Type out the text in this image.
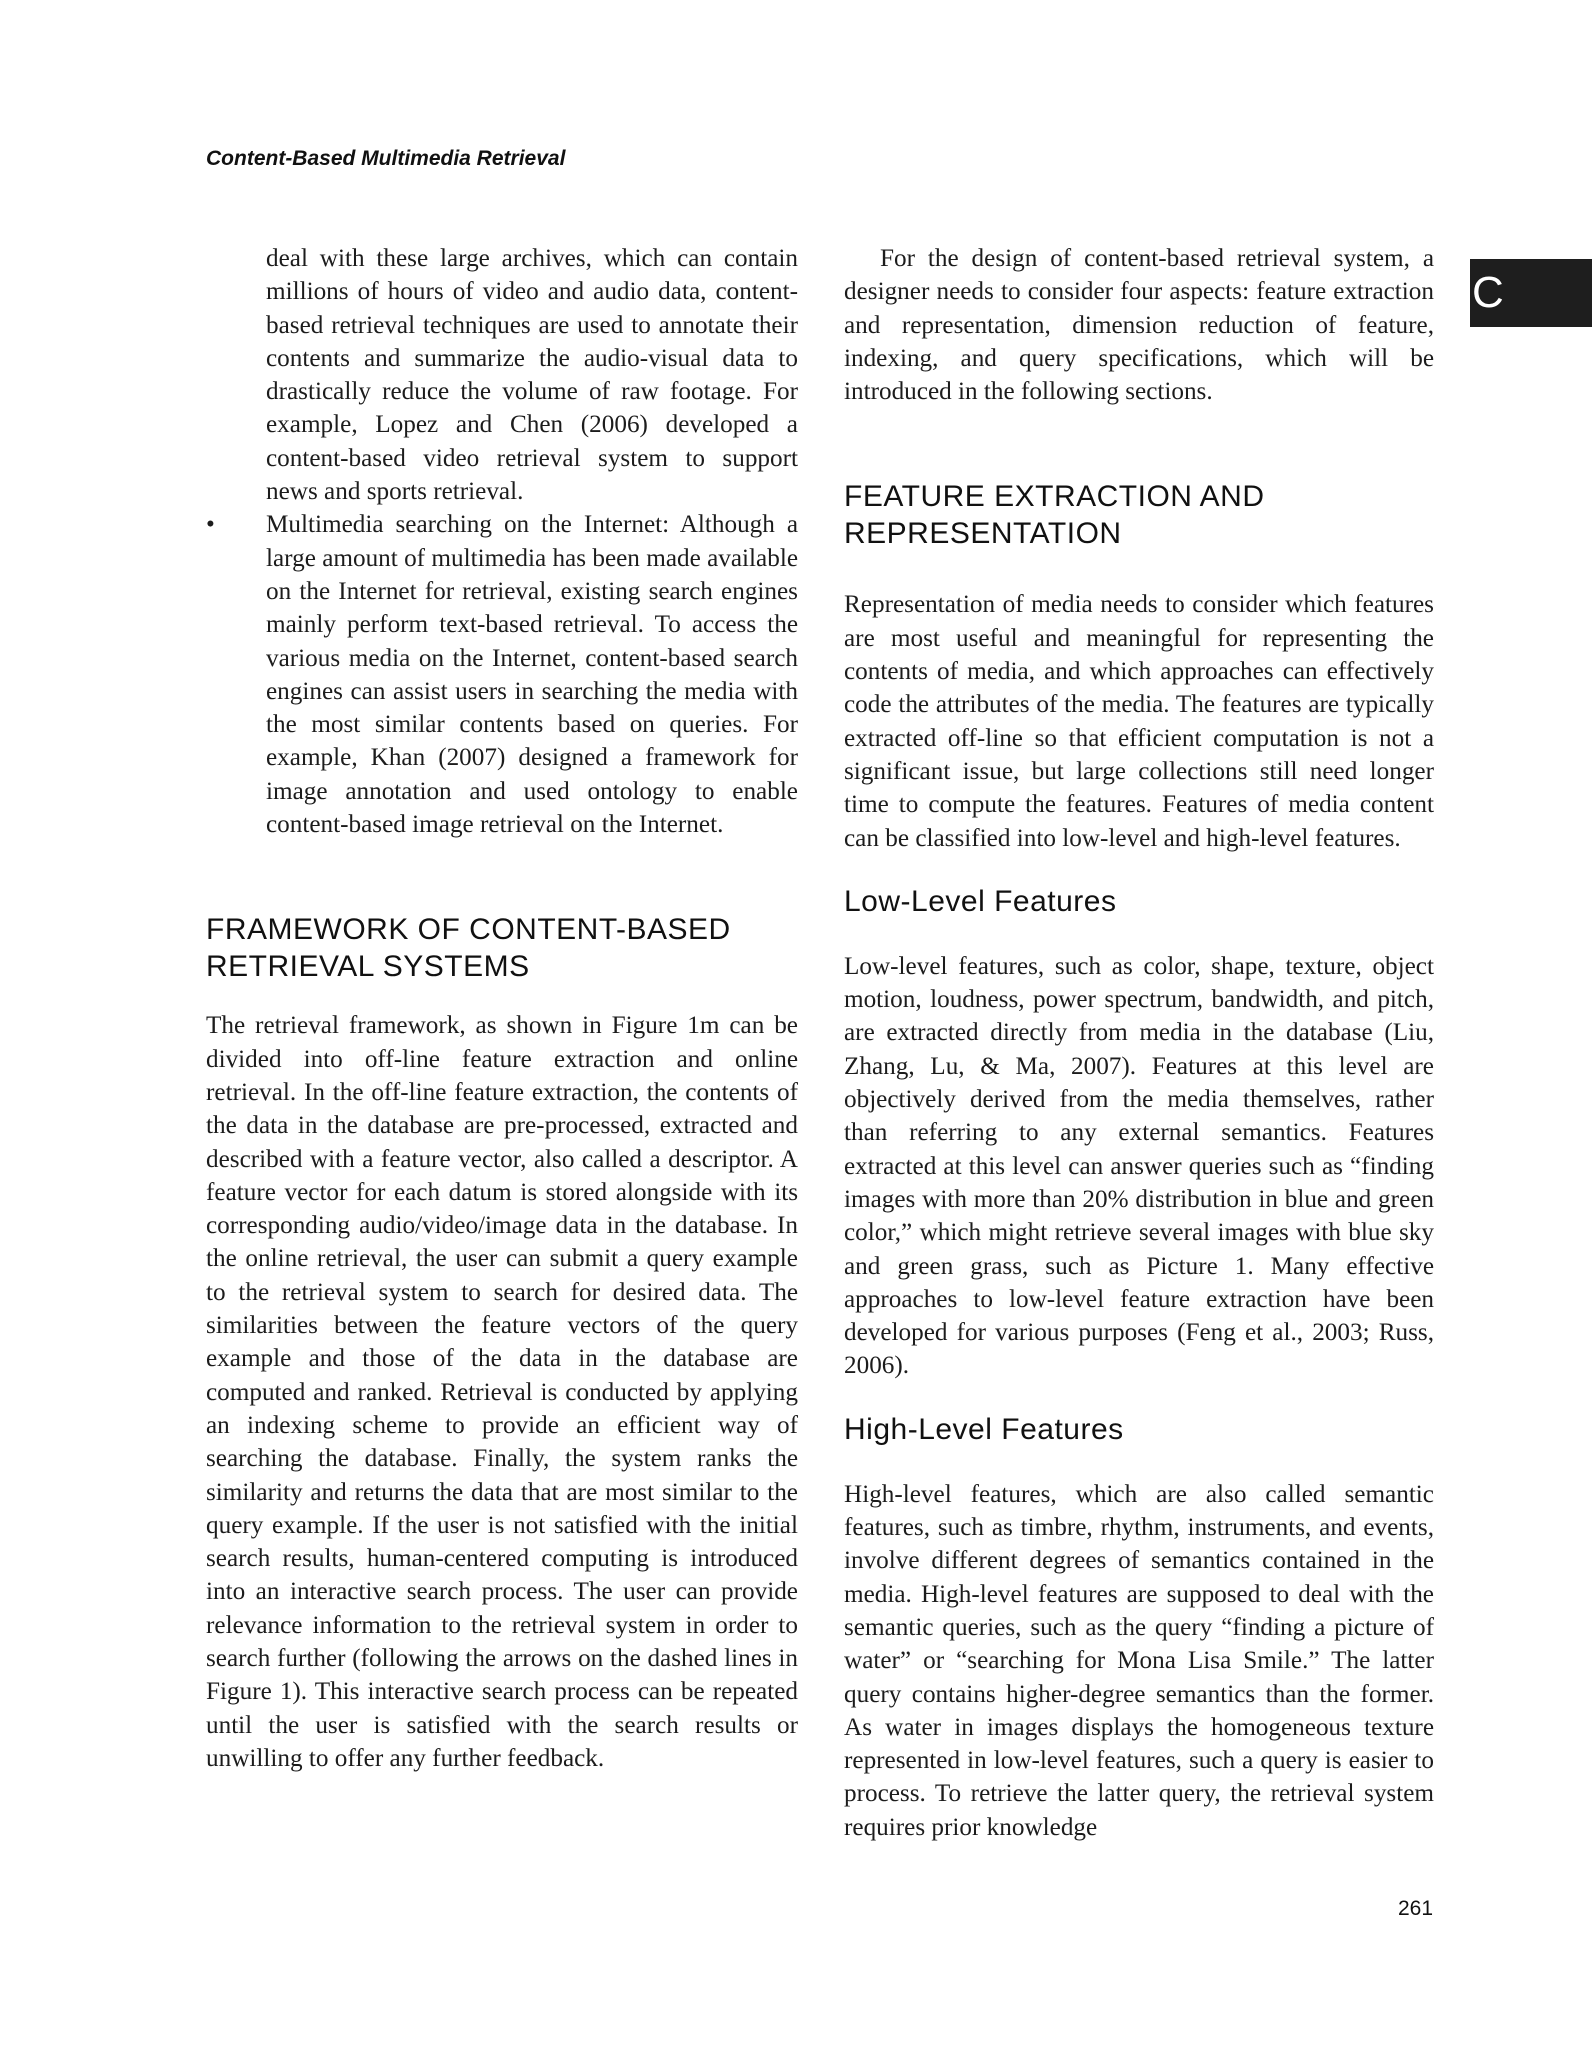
Content-Based Multimedia Retrieval
C

deal with these large archives, which can contain millions of hours of video and audio data, content-based retrieval techniques are used to annotate their contents and summarize the audio-visual data to drastically reduce the volume of raw footage. For example, Lopez and Chen (2006) developed a content-based video retrieval system to support news and sports retrieval.

•	Multimedia searching on the Internet: Although a large amount of multimedia has been made available on the Internet for retrieval, existing search engines mainly perform text-based retrieval. To access the various media on the Internet, content-based search engines can assist users in searching the media with the most similar contents based on queries. For example, Khan (2007) designed a framework for image annotation and used ontology to enable content-based image retrieval on the Internet.
FRAMEWORK OF CONTENT-BASED
RETRIEVAL SYSTEMS

The retrieval framework, as shown in Figure 1m can be divided into off-line feature extraction and online retrieval. In the off-line feature extraction, the contents of the data in the database are pre-processed, extracted and described with a feature vector, also called a descriptor. A feature vector for each datum is stored alongside with its corresponding audio/video/image data in the database. In the online retrieval, the user can submit a query example to the retrieval system to search for desired data. The similarities between the feature vectors of the query example and those of the data in the database are computed and ranked. Retrieval is conducted by applying an indexing scheme to provide an efficient way of searching the database. Finally, the system ranks the similarity and returns the data that are most similar to the query example. If the user is not satisfied with the initial search results, human-centered computing is introduced into an interactive search process. The user can provide relevance information to the retrieval system in order to search further (following the arrows on the dashed lines in Figure 1). This interactive search process can be repeated until the user is satisfied with the search results or unwilling to offer any further feedback.

For the design of content-based retrieval system, a designer needs to consider four aspects: feature extraction and representation, dimension reduction of feature, indexing, and query specifications, which will be introduced in the following sections.

FEATURE EXTRACTION AND
REPRESENTATION

Representation of media needs to consider which features are most useful and meaningful for representing the contents of media, and which approaches can effectively code the attributes of the media. The features are typically extracted off-line so that efficient computation is not a significant issue, but large collections still need longer time to compute the features. Features of media content can be classified into low-level and high-level features.

Low-Level Features

Low-level features, such as color, shape, texture, object motion, loudness, power spectrum, bandwidth, and pitch, are extracted directly from media in the database (Liu, Zhang, Lu, & Ma, 2007). Features at this level are objectively derived from the media themselves, rather than referring to any external semantics. Features extracted at this level can answer queries such as “finding images with more than 20% distribution in blue and green color,” which might retrieve several images with blue sky and green grass, such as Picture 1. Many effective approaches to low-level feature extraction have been developed for various purposes (Feng et al., 2003; Russ, 2006).

High-Level Features

High-level features, which are also called semantic features, such as timbre, rhythm, instruments, and events, involve different degrees of semantics contained in the media. High-level features are supposed to deal with the semantic queries, such as the query “finding a picture of water” or “searching for Mona Lisa Smile.” The latter query contains higher-degree semantics than the former. As water in images displays the homogeneous texture represented in low-level features, such a query is easier to process. To retrieve the latter query, the retrieval system requires prior knowledge

261
